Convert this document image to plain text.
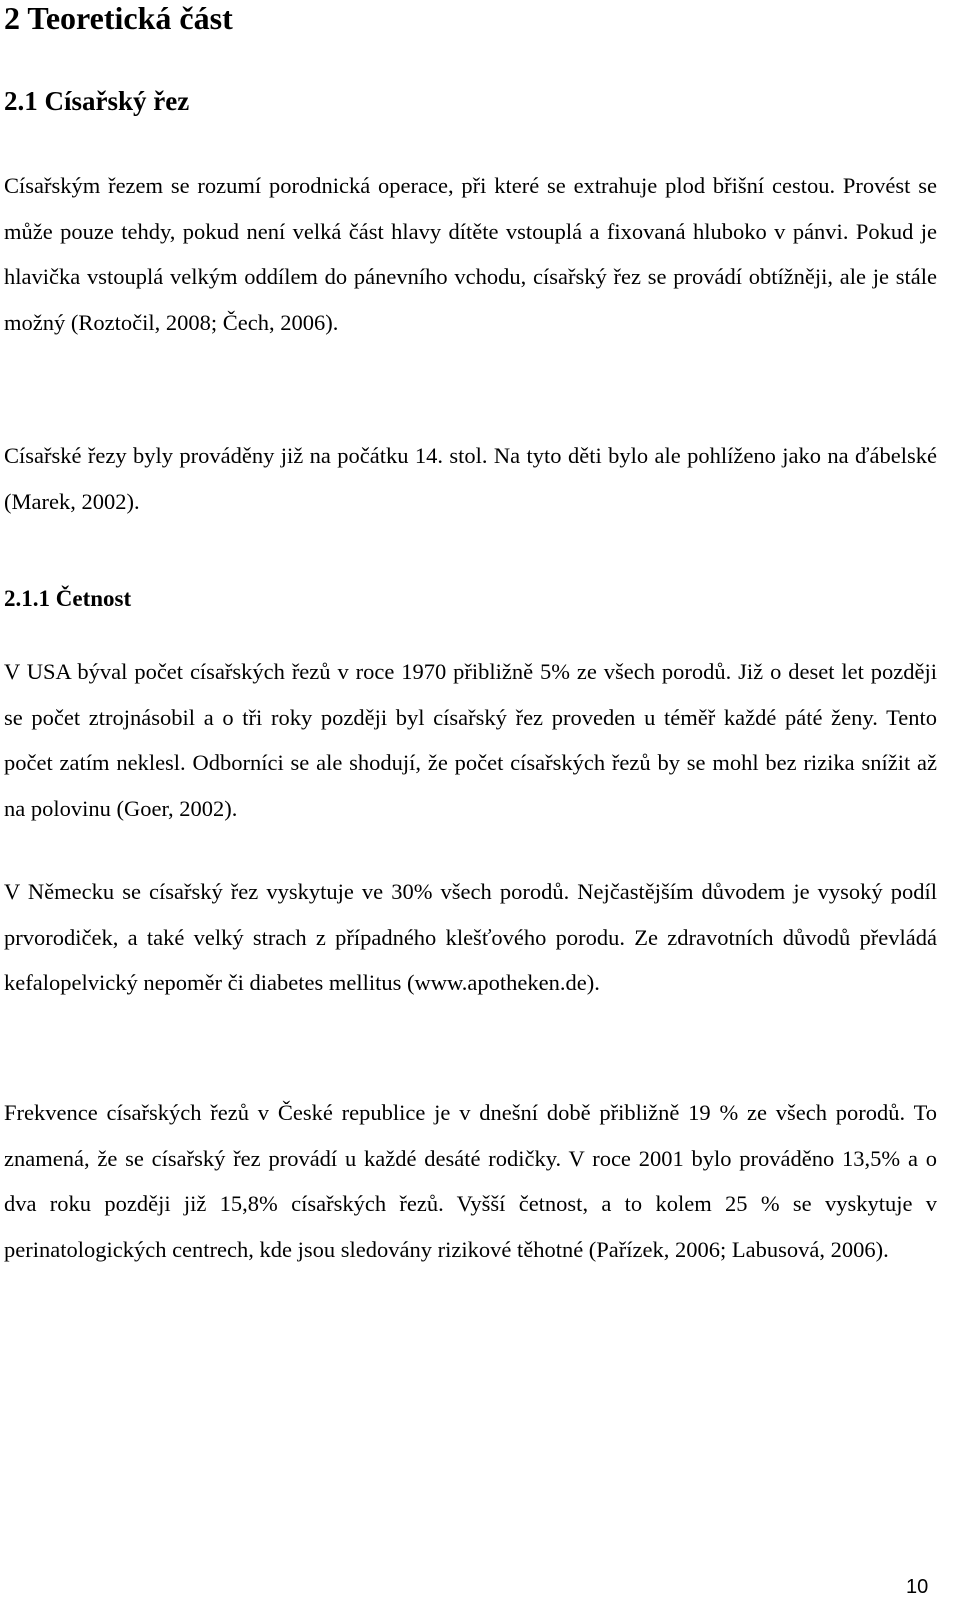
2 Teoretická část
2.1 Císařský řez

Císařským řezem se rozumí porodnická operace, při které se extrahuje plod břišní cestou. Provést se může pouze tehdy, pokud není velká část hlavy dítěte vstouplá a fixovaná hluboko v pánvi. Pokud je hlavička vstouplá velkým oddílem do pánevního vchodu, císařský řez se provádí obtížněji, ale je stále možný (Roztočil, 2008; Čech, 2006).

Císařské řezy byly prováděny již na počátku 14. stol. Na tyto děti bylo ale pohlíženo jako na ďábelské (Marek, 2002).

2.1.1 Četnost

V USA býval počet císařských řezů v roce 1970 přibližně 5% ze všech porodů. Již o deset let později se počet ztrojnásobil a o tři roky později byl císařský řez proveden u téměř každé páté ženy. Tento počet zatím neklesl. Odborníci se ale shodují, že počet císařských řezů by se mohl bez rizika snížit až na polovinu (Goer, 2002).

V Německu se císařský řez vyskytuje ve 30% všech porodů. Nejčastějším důvodem je vysoký podíl prvorodiček, a také velký strach z případného klešťového porodu. Ze zdravotních důvodů převládá kefalopelvický nepoměr či diabetes mellitus (www.apotheken.de).

Frekvence císařských řezů v České republice je v dnešní době přibližně 19 % ze všech porodů. To znamená, že se císařský řez provádí u každé desáté rodičky. V roce 2001 bylo prováděno 13,5% a o dva roku později již 15,8% císařských řezů. Vyšší četnost, a to kolem 25 % se vyskytuje v perinatologických centrech, kde jsou sledovány rizikové těhotné (Pařízek, 2006; Labusová, 2006).

10
